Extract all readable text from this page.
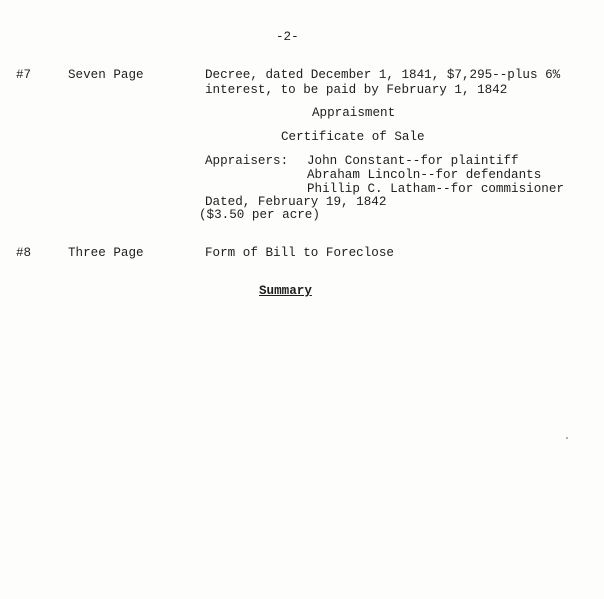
-2-
#7	Seven Page	Decree, dated December 1, 1841, $7,295--plus 6%
interest, to be paid by February 1, 1842
Appraisment
Certificate of Sale
Appraisers: John Constant--for plaintiff
Abraham Lincoln--for defendants
Phillip C. Latham--for commisioner
Dated, February 19, 1842
($3.50 per acre)
#8	Three Page	Form of Bill to Foreclose
Summary
